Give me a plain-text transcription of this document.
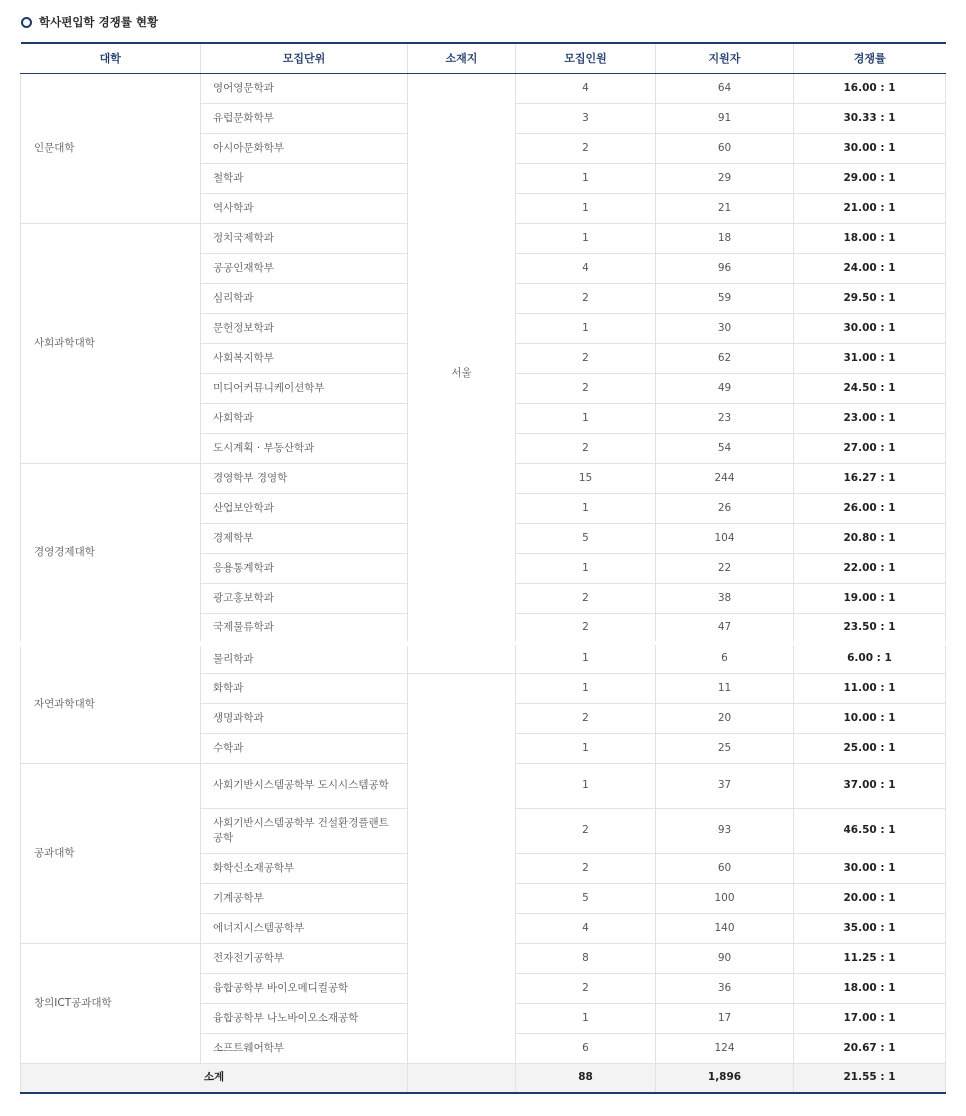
학사편입학 경쟁률 현황
대학	모집단위	소재지	모집인원	지원자	경쟁률
인문대학	영어영문학과	서울	4	64	16.00 : 1
	유럽문화학부		3	91	30.33 : 1
	아시아문화학부		2	60	30.00 : 1
	철학과		1	29	29.00 : 1
	역사학과		1	21	21.00 : 1
사회과학대학	정치국제학과		1	18	18.00 : 1
	공공인재학부		4	96	24.00 : 1
	심리학과		2	59	29.50 : 1
	문헌정보학과		1	30	30.00 : 1
	사회복지학부		2	62	31.00 : 1
	미디어커뮤니케이션학부		2	49	24.50 : 1
	사회학과		1	23	23.00 : 1
	도시계획 · 부동산학과		2	54	27.00 : 1
경영경제대학	경영학부 경영학		15	244	16.27 : 1
	산업보안학과		1	26	26.00 : 1
	경제학부		5	104	20.80 : 1
	응용통계학과		1	22	22.00 : 1
	광고홍보학과		2	38	19.00 : 1
	국제물류학과		2	47	23.50 : 1
자연과학대학	물리학과		1	6	6.00 : 1
	화학과		1	11	11.00 : 1
	생명과학과		2	20	10.00 : 1
	수학과		1	25	25.00 : 1
공과대학	사회기반시스템공학부 도시시스템공학		1	37	37.00 : 1
	사회기반시스템공학부 건설환경플랜트공학		2	93	46.50 : 1
	화학신소재공학부		2	60	30.00 : 1
	기계공학부		5	100	20.00 : 1
	에너지시스템공학부		4	140	35.00 : 1
창의ICT공과대학	전자전기공학부		8	90	11.25 : 1
	융합공학부 바이오메디컬공학		2	36	18.00 : 1
	융합공학부 나노바이오소재공학		1	17	17.00 : 1
	소프트웨어학부		6	124	20.67 : 1
소계			88	1,896	21.55 : 1
